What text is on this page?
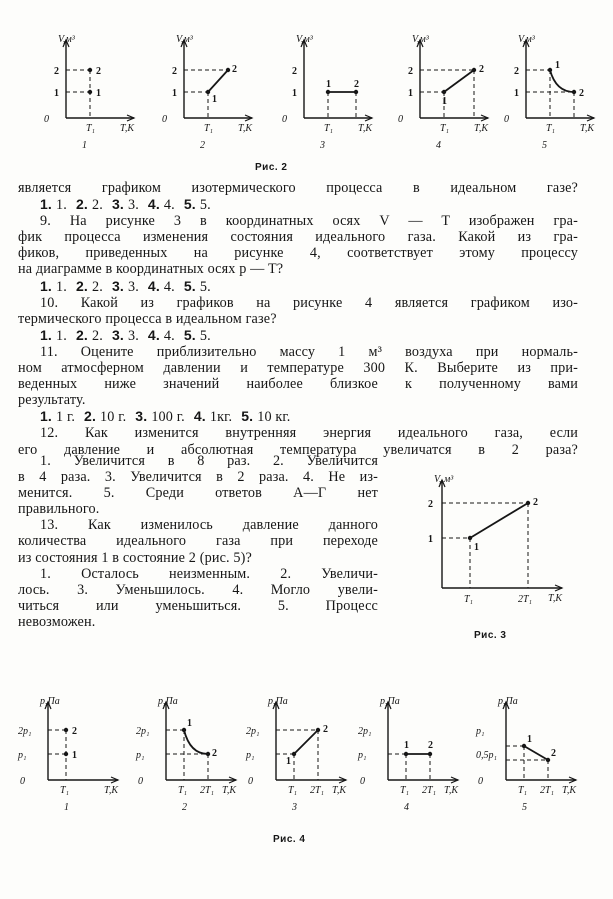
V,м³
T,К
0
2
1
T₁
1
2
1
V,м³
T,К
0
2
1
T₁
2
2
1
V,м³
T,К
0
2
1
T₁
3
1 2
V,м³
T,К
0
2
1
T₁
4
1
2
V,м³
T,К
0
2
1
T₁
5
1
2
Рис. 2
является графиком изотермического процесса в идеальном газе?
1. 1. 2. 2. 3. 3. 4. 4. 5. 5.
9. На рисунке 3 в координатных осях V — T изображен гра-
фик процесса изменения состояния идеального газа. Какой из гра-
фиков, приведенных на рисунке 4, соответствует этому процессу
на диаграмме в координатных осях p — T?
1. 1. 2. 2. 3. 3. 4. 4. 5. 5.
10. Какой из графиков на рисунке 4 является графиком изо-
термического процесса в идеальном газе?
1. 1. 2. 2. 3. 3. 4. 4. 5. 5.
11. Оцените приблизительно массу 1 м³ воздуха при нормаль-
ном атмосферном давлении и температуре 300 К. Выберите из при-
веденных ниже значений наиболее близкое к полученному вами
результату.
1. 1 г. 2. 10 г. 3. 100 г. 4. 1кг. 5. 10 кг.
12. Как изменится внутренняя энергия идеального газа, если
его давление и абсолютная температура увеличатся в 2 раза?
1. Увеличится в 8 раз. 2. Увеличится
в 4 раза. 3. Увеличится в 2 раза. 4. Не из-
менится. 5. Среди ответов А—Г нет
правильного.
13. Как изменилось давление данного
количества идеального газа при переходе
из состояния 1 в состояние 2 (рис. 5)?
1. Осталось неизменным. 2. Увеличи-
лось. 3. Уменьшилось. 4. Могло увели-
читься или уменьшиться. 5. Процесс
невозможен.
V, м³
T,К
2
1
T₁	2T₁
1
2
Рис. 3
p,Па
T,К
0
2p₁
p₁
T₁
1
2
1
p,Па
T,К
0
2p₁
p₁
T₁ 2T₁
2
1
2
p,Па
T,К
0
2p₁
p₁
T₁ 2T₁
3
1
2
p,Па
T,К
0
2p₁
p₁
T₁ 2T₁
4
1 2
p,Па
T,К
0
p₁
0,5p₁
T₁ 2T₁
5
1
2
Рис. 4
